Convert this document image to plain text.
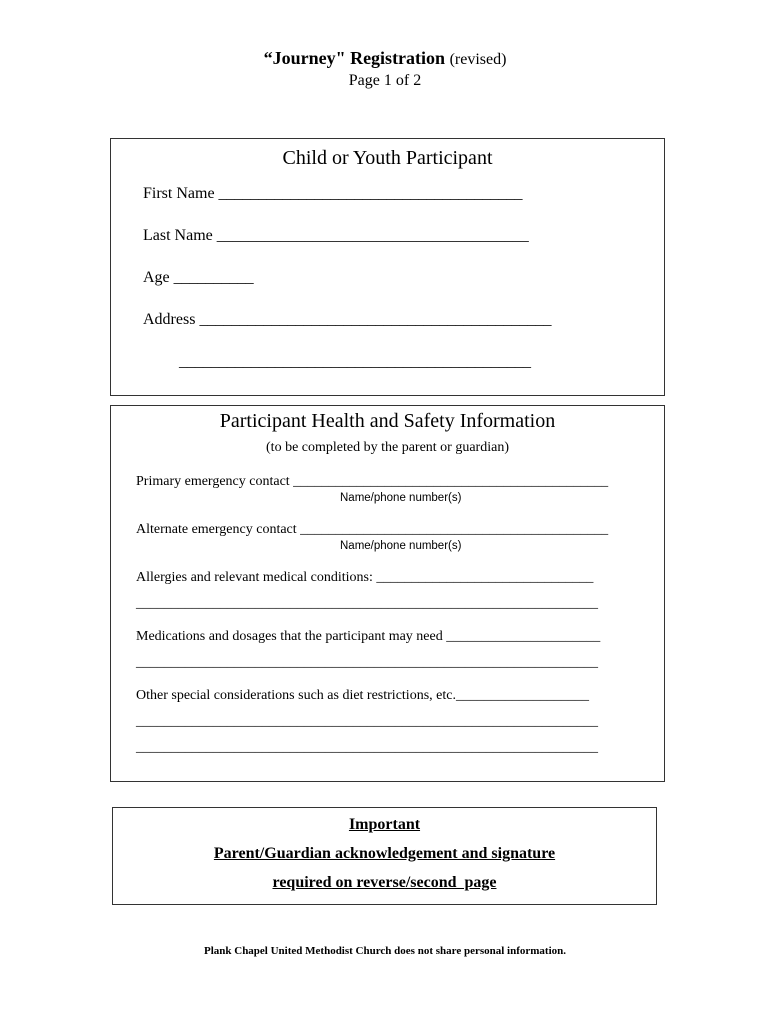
“Journey" Registration (revised)
Page 1 of 2
Child or Youth Participant
First Name ______________________________________
Last Name _______________________________________
Age __________
Address ____________________________________________
____________________________________________
Participant Health and Safety Information
(to be completed by the parent or guardian)
Primary emergency contact _____________________________________________
Name/phone number(s)
Alternate emergency contact ____________________________________________
Name/phone number(s)
Allergies and relevant medical conditions: _______________________________
__________________________________________________________________
Medications and dosages that the participant may need ______________________
__________________________________________________________________
Other special considerations such as diet restrictions, etc.___________________
__________________________________________________________________
__________________________________________________________________
Important
Parent/Guardian acknowledgement and signature
required on reverse/second  page
Plank Chapel United Methodist Church does not share personal information.
